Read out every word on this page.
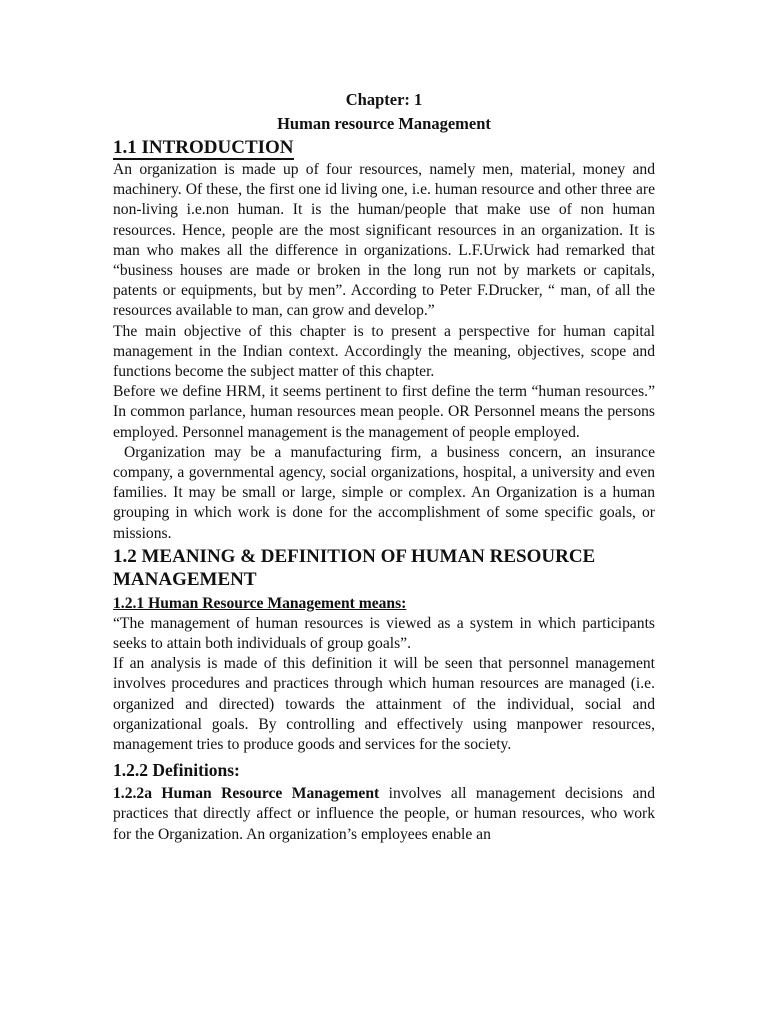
Chapter: 1
Human resource Management
1.1 INTRODUCTION

An organization is made up of four resources, namely men, material, money and machinery. Of these, the first one id living one, i.e. human resource and other three are non-living i.e.non human. It is the human/people that make use of non human resources. Hence, people are the most significant resources in an organization. It is man who makes all the difference in organizations. L.F.Urwick had remarked that “business houses are made or broken in the long run not by markets or capitals, patents or equipments, but by men”. According to Peter F.Drucker, “ man, of all the resources available to man, can grow and develop.”

The main objective of this chapter is to present a perspective for human capital management in the Indian context. Accordingly the meaning, objectives, scope and functions become the subject matter of this chapter.

Before we define HRM, it seems pertinent to first define the term “human resources.” In common parlance, human resources mean people. OR Personnel means the persons employed. Personnel management is the management of people employed.

Organization may be a manufacturing firm, a business concern, an insurance company, a governmental agency, social organizations, hospital, a university and even families. It may be small or large, simple or complex. An Organization is a human grouping in which work is done for the accomplishment of some specific goals, or missions.

1.2 MEANING & DEFINITION OF HUMAN RESOURCE MANAGEMENT
1.2.1 Human Resource Management means:

“The management of human resources is viewed as a system in which participants seeks to attain both individuals of group goals”.

If an analysis is made of this definition it will be seen that personnel management involves procedures and practices through which human resources are managed (i.e. organized and directed) towards the attainment of the individual, social and organizational goals. By controlling and effectively using manpower resources, management tries to produce goods and services for the society.

1.2.2 Definitions:

1.2.2a Human Resource Management involves all management decisions and practices that directly affect or influence the people, or human resources, who work for the Organization. An organization’s employees enable an
